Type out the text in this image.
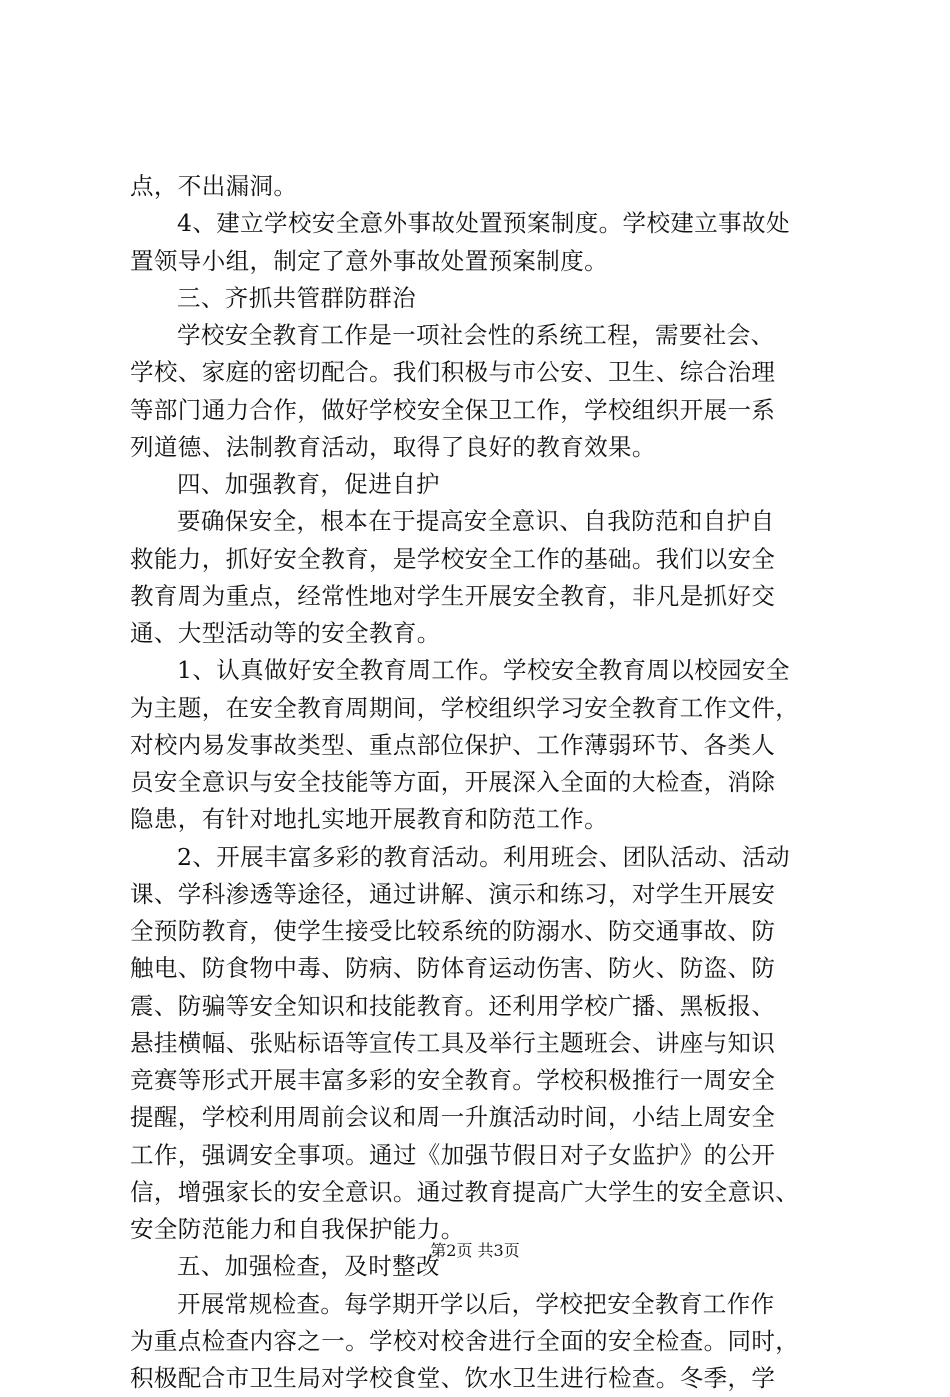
点，不出漏洞。
4、建立学校安全意外事故处置预案制度。学校建立事故处
置领导小组，制定了意外事故处置预案制度。
三、齐抓共管群防群治
学校安全教育工作是一项社会性的系统工程，需要社会、
学校、家庭的密切配合。我们积极与市公安、卫生、综合治理
等部门通力合作，做好学校安全保卫工作，学校组织开展一系
列道德、法制教育活动，取得了良好的教育效果。
四、加强教育，促进自护
要确保安全，根本在于提高安全意识、自我防范和自护自
救能力，抓好安全教育，是学校安全工作的基础。我们以安全
教育周为重点，经常性地对学生开展安全教育，非凡是抓好交
通、大型活动等的安全教育。
1、认真做好安全教育周工作。学校安全教育周以校园安全
为主题，在安全教育周期间，学校组织学习安全教育工作文件，
对校内易发事故类型、重点部位保护、工作薄弱环节、各类人
员安全意识与安全技能等方面，开展深入全面的大检查，消除
隐患，有针对地扎实地开展教育和防范工作。
2、开展丰富多彩的教育活动。利用班会、团队活动、活动
课、学科渗透等途径，通过讲解、演示和练习，对学生开展安
全预防教育，使学生接受比较系统的防溺水、防交通事故、防
触电、防食物中毒、防病、防体育运动伤害、防火、防盗、防
震、防骗等安全知识和技能教育。还利用学校广播、黑板报、
悬挂横幅、张贴标语等宣传工具及举行主题班会、讲座与知识
竞赛等形式开展丰富多彩的安全教育。学校积极推行一周安全
提醒，学校利用周前会议和周一升旗活动时间，小结上周安全
工作，强调安全事项。通过《加强节假日对子女监护》的公开
信，增强家长的安全意识。通过教育提高广大学生的安全意识、
安全防范能力和自我保护能力。
五、加强检查，及时整改
开展常规检查。每学期开学以后，学校把安全教育工作作
为重点检查内容之一。学校对校舍进行全面的安全检查。同时，
积极配合市卫生局对学校食堂、饮水卫生进行检查。冬季，学
第2页 共3页
